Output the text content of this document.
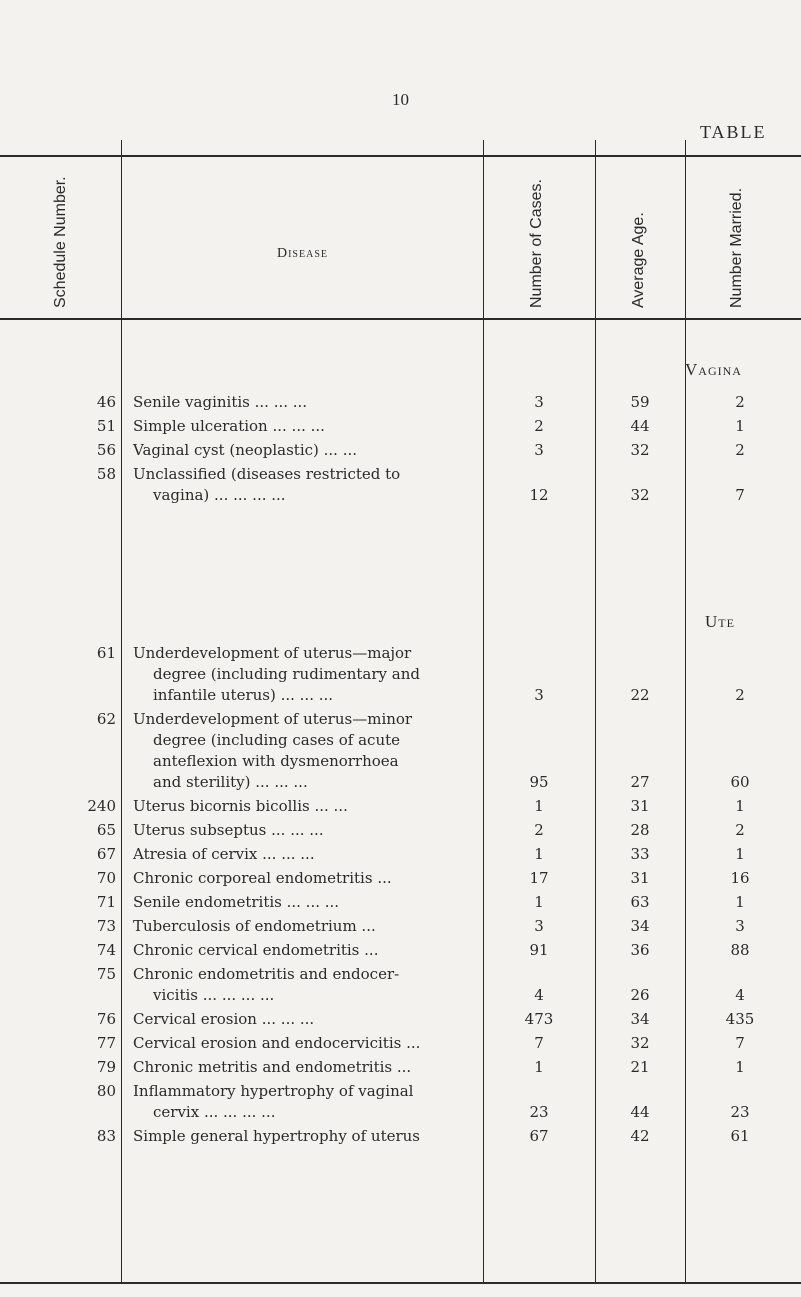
10
TABLE
Schedule Number.	Disease	Number of Cases.	Average Age.	Number Married.
Vagina
Ute
46 Senile vaginitis ... ... ...	3	59	2
51 Simple ulceration ... ... ...	2	44	1
56 Vaginal cyst (neoplastic) ... ...	3	32	2
58 Unclassified (diseases restricted to
vagina) ... ... ... ...	12	32	7
61 Underdevelopment of uterus—major
degree (including rudimentary and
infantile uterus) ... ... ...	3	22	2
62 Underdevelopment of uterus—minor
degree (including cases of acute
anteflexion with dysmenorrhoea
and sterility) ... ... ...	95	27	60
240 Uterus bicornis bicollis ... ...	1	31	1
65 Uterus subseptus ... ... ...	2	28	2
67 Atresia of cervix ... ... ...	1	33	1
70 Chronic corporeal endometritis ...	17	31	16
71 Senile endometritis ... ... ...	1	63	1
73 Tuberculosis of endometrium ...	3	34	3
74 Chronic cervical endometritis ...	91	36	88
75 Chronic endometritis and endocer-
vicitis ... ... ... ...	4	26	4
76 Cervical erosion ... ... ...	473	34	435
77 Cervical erosion and endocervicitis ...	7	32	7
79 Chronic metritis and endometritis ...	1	21	1
80 Inflammatory hypertrophy of vaginal
cervix ... ... ... ...	23	44	23
83 Simple general hypertrophy of uterus	67	42	61
